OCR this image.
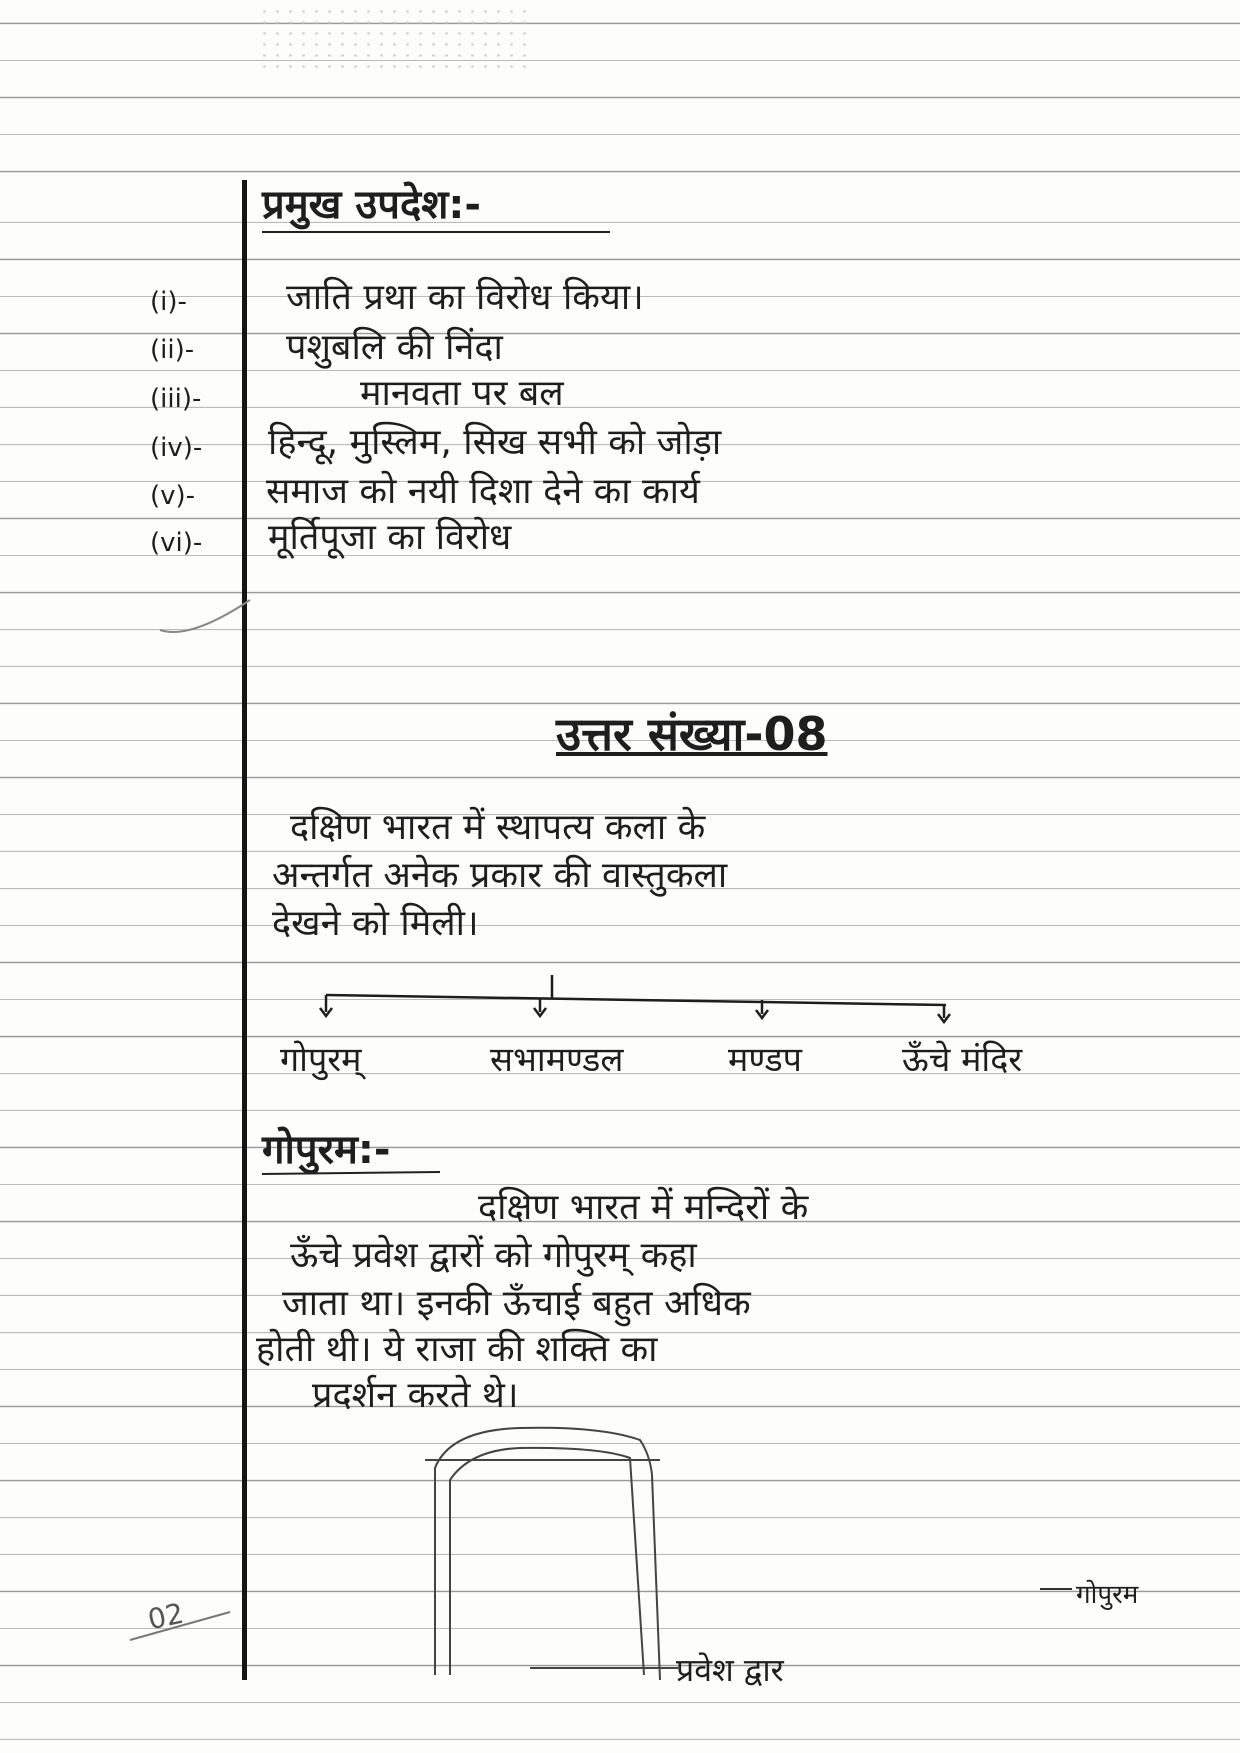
प्रमुख उपदेश:-
(i)-	जाति प्रथा का विरोध किया।
(ii)-	पशुबलि की निंदा
(iii)-	मानवता पर बल
(iv)- हिन्दू, मुस्लिम, सिख सभी को जोड़ा
(v)- समाज को नयी दिशा देने का कार्य
(vi)- मूर्तिपूजा का विरोध
उत्तर संख्या-08
दक्षिण भारत में स्थापत्य कला के
अन्तर्गत अनेक प्रकार की वास्तुकला
देखने को मिली।
गोपुरम्	सभामण्डल	मण्डप	ऊँचे मंदिर
गोपुरम:-
दक्षिण भारत में मन्दिरों के
ऊँचे प्रवेश द्वारों को गोपुरम् कहा
जाता था। इनकी ऊँचाई बहुत अधिक
होती थी। ये राजा की शक्ति का
प्रदर्शन करते थे।
गोपुरम
प्रवेश द्वार
02
